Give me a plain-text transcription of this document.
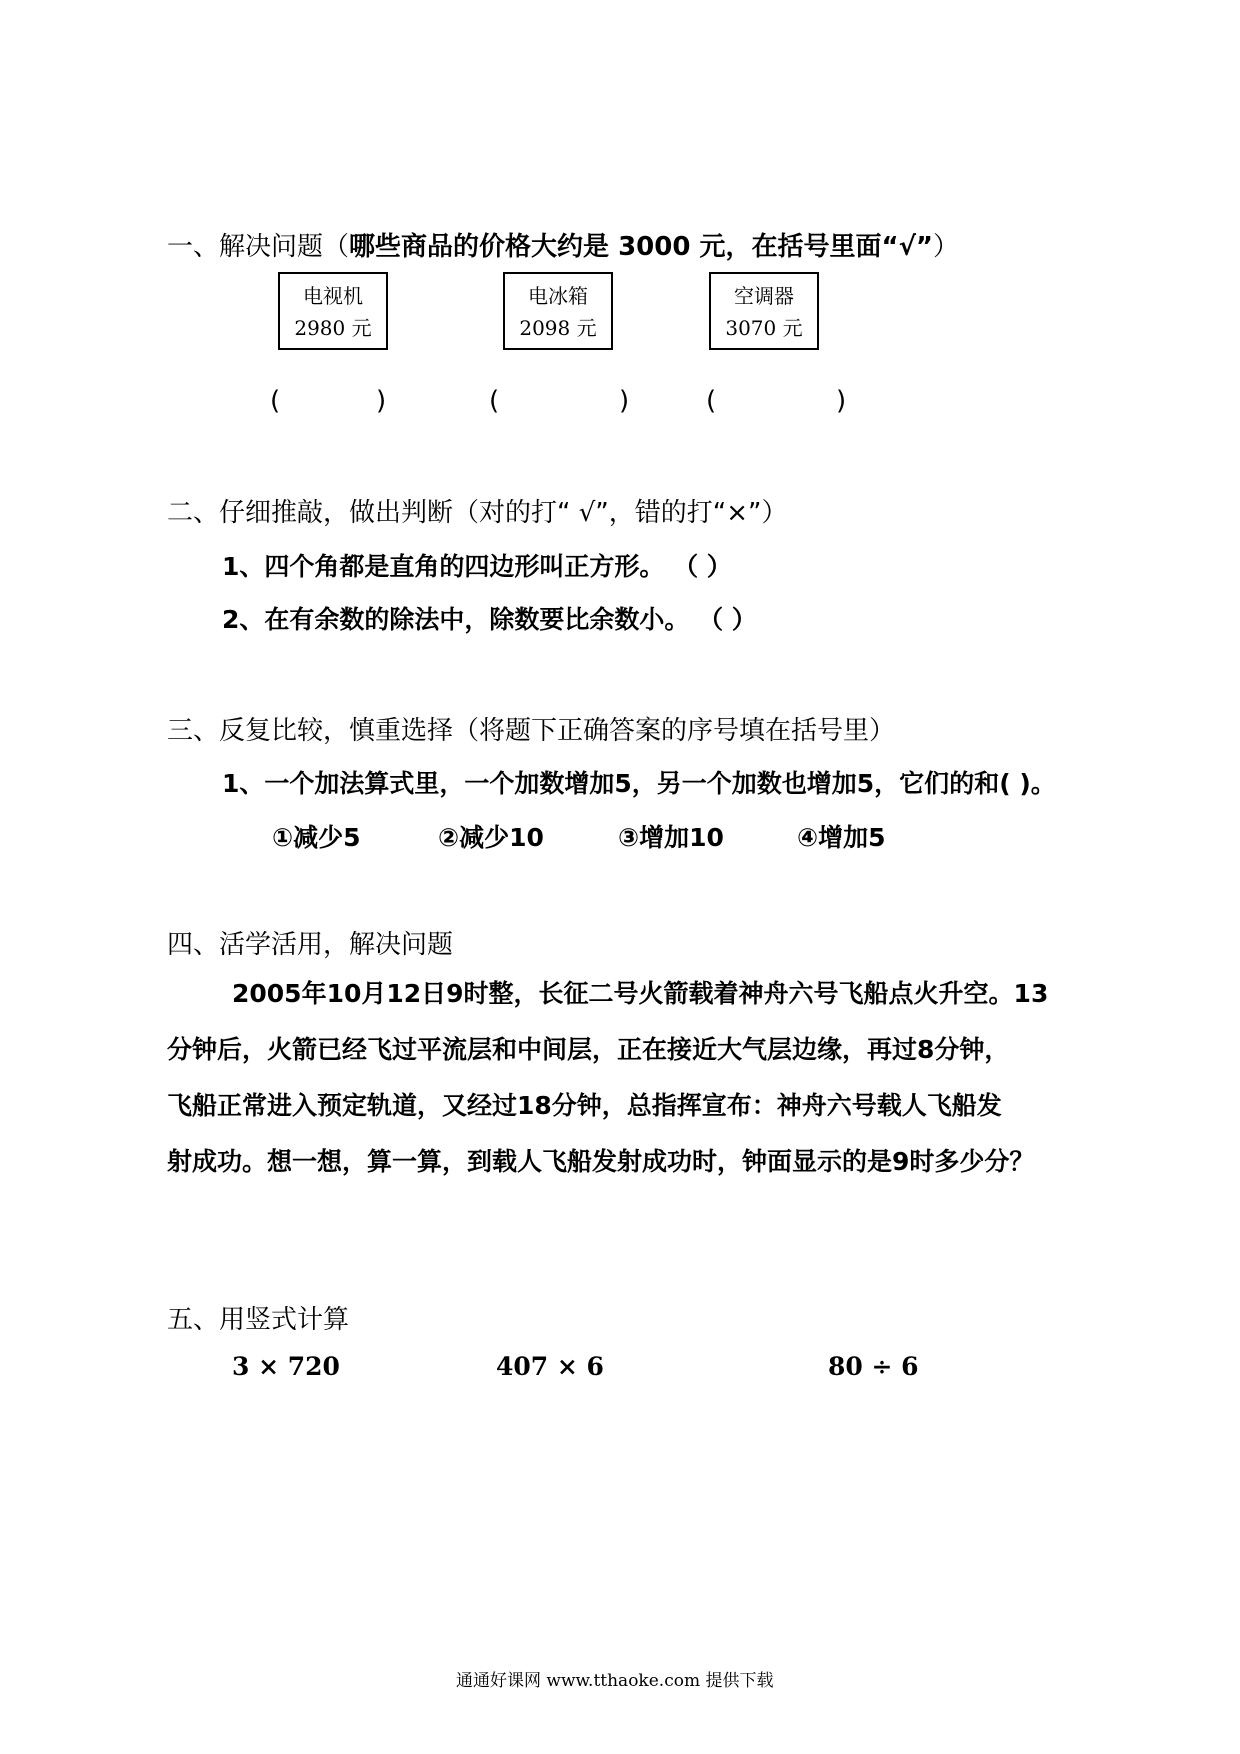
一、解决问题（哪些商品的价格大约是 3000 元，在括号里面“√”）
电视机
2980 元
电冰箱
2098 元
空调器
3070 元
(	)	(	)	(	)
二、仔细推敲，做出判断（对的打“ √”，错的打“×”）
1、四个角都是直角的四边形叫正方形。 （ ）
2、在有余数的除法中，除数要比余数小。 （ ）
三、反复比较，慎重选择（将题下正确答案的序号填在括号里）
1、一个加法算式里，一个加数增加5，另一个加数也增加5，它们的和( )。
①减少5	②减少10	③增加10	④增加5
四、活学活用，解决问题
2005年10月12日9时整，长征二号火箭载着神舟六号飞船点火升空。13
分钟后，火箭已经飞过平流层和中间层，正在接近大气层边缘，再过8分钟，
飞船正常进入预定轨道，又经过18分钟，总指挥宣布：神舟六号载人飞船发
射成功。想一想，算一算，到载人飞船发射成功时，钟面显示的是9时多少分？
五、用竖式计算
3 × 720	407 × 6	80 ÷ 6
通通好课网 www.tthaoke.com 提供下载
